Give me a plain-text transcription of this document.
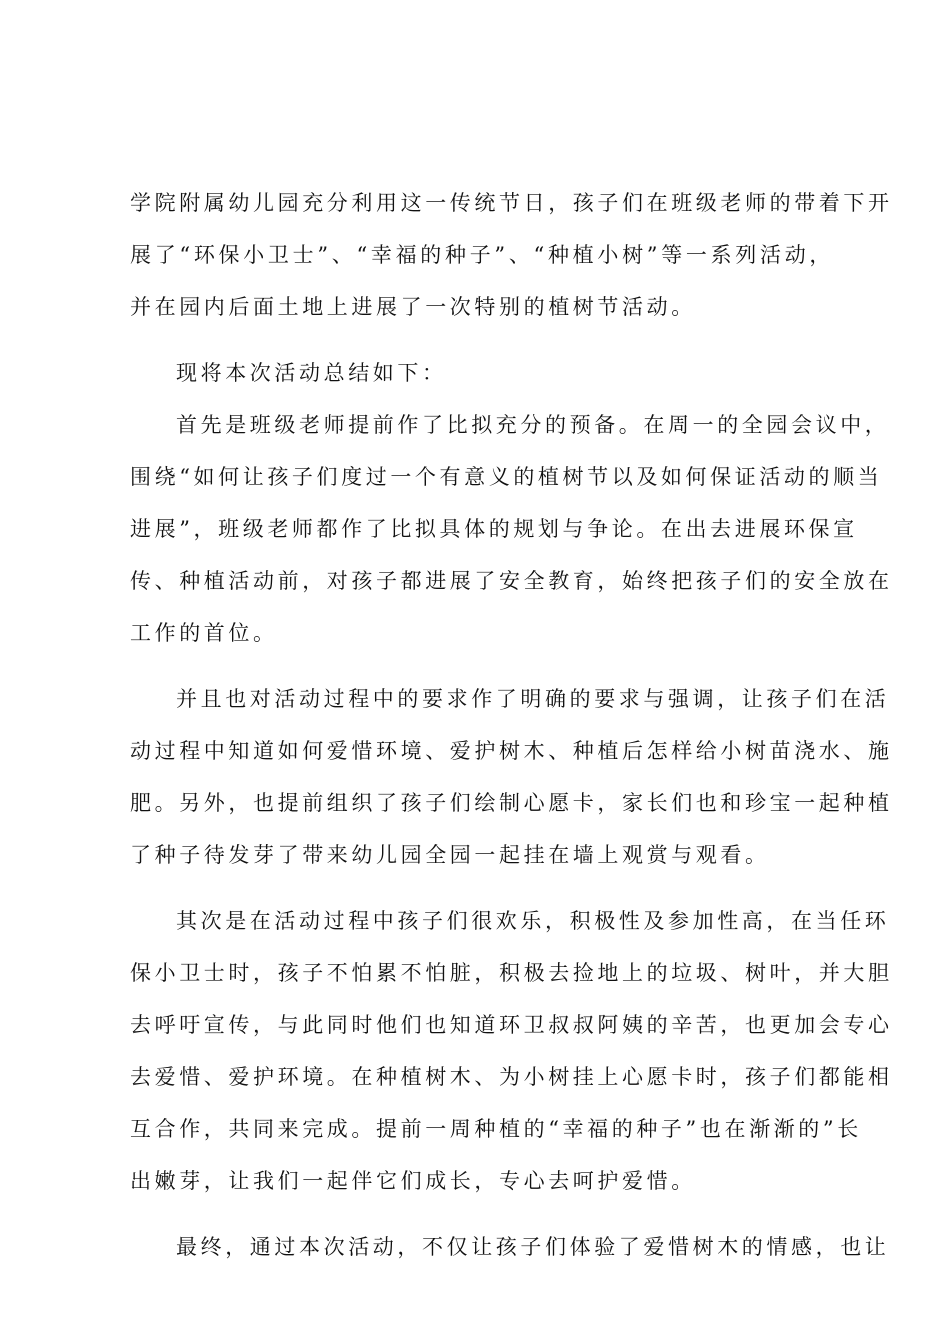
学院附属幼儿园充分利用这一传统节日，孩子们在班级老师的带着下开
展了“环保小卫士”、“幸福的种子”、“种植小树”等一系列活动，
并在园内后面土地上进展了一次特别的植树节活动。
现将本次活动总结如下：
首先是班级老师提前作了比拟充分的预备。在周一的全园会议中，
围绕“如何让孩子们度过一个有意义的植树节以及如何保证活动的顺当
进展”，班级老师都作了比拟具体的规划与争论。在出去进展环保宣
传、种植活动前，对孩子都进展了安全教育，始终把孩子们的安全放在
工作的首位。
并且也对活动过程中的要求作了明确的要求与强调，让孩子们在活
动过程中知道如何爱惜环境、爱护树木、种植后怎样给小树苗浇水、施
肥。另外，也提前组织了孩子们绘制心愿卡，家长们也和珍宝一起种植
了种子待发芽了带来幼儿园全园一起挂在墙上观赏与观看。
其次是在活动过程中孩子们很欢乐，积极性及参加性高，在当任环
保小卫士时，孩子不怕累不怕脏，积极去捡地上的垃圾、树叶，并大胆
去呼吁宣传，与此同时他们也知道环卫叔叔阿姨的辛苦，也更加会专心
去爱惜、爱护环境。在种植树木、为小树挂上心愿卡时，孩子们都能相
互合作，共同来完成。提前一周种植的“幸福的种子”也在渐渐的”长
出嫩芽，让我们一起伴它们成长，专心去呵护爱惜。
最终，通过本次活动，不仅让孩子们体验了爱惜树木的情感，也让
